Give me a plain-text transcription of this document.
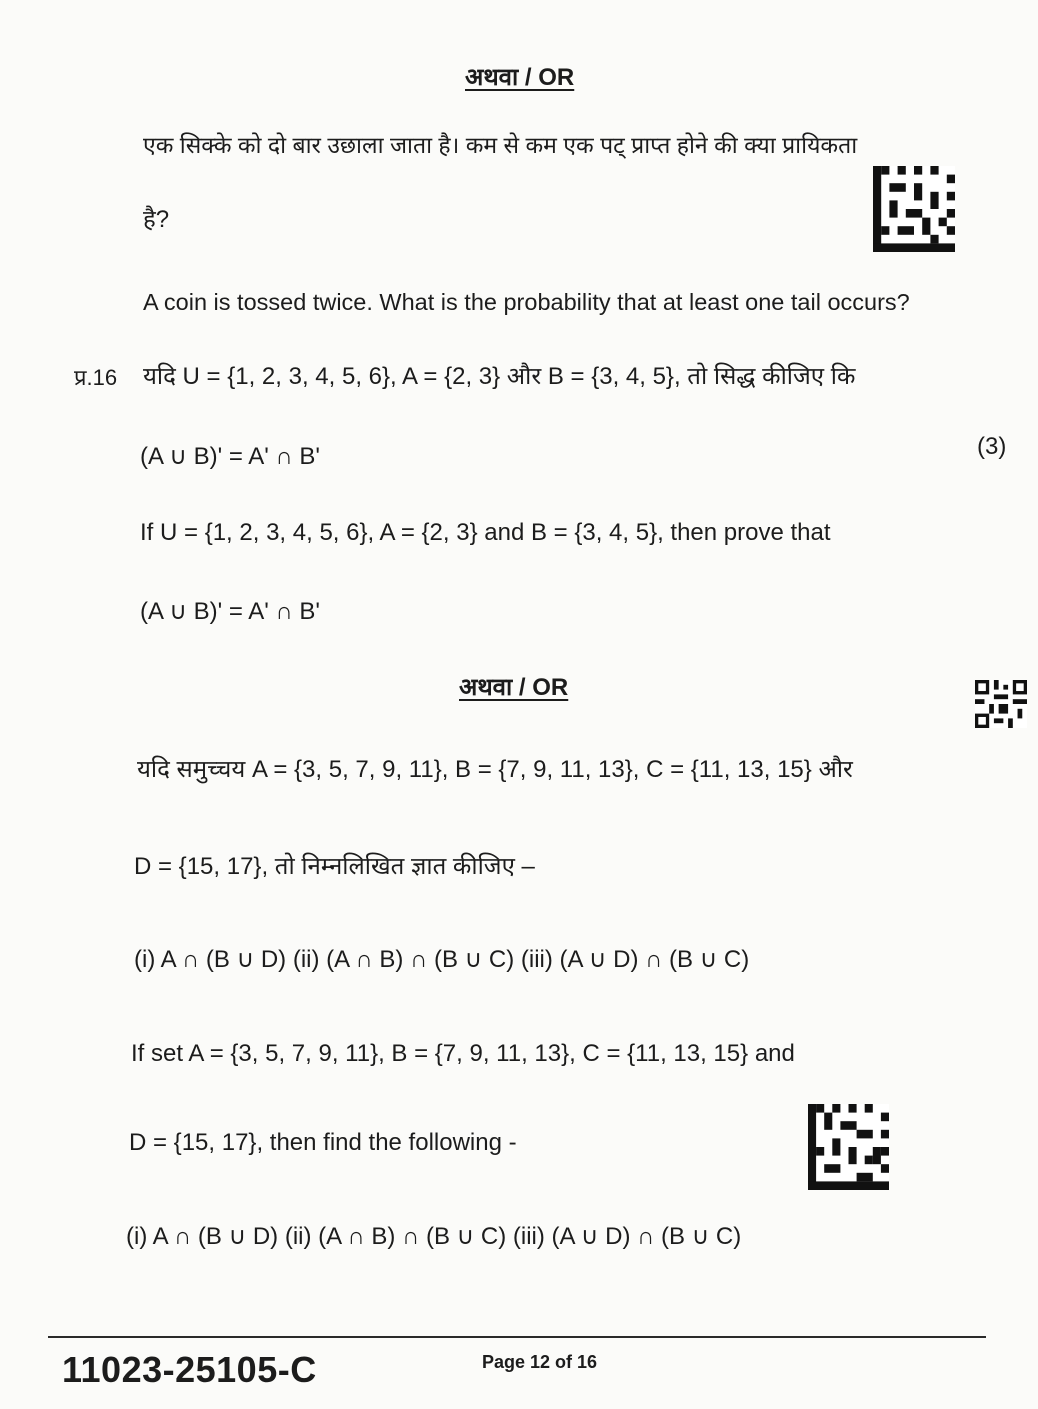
अथवा / OR
एक सिक्के को दो बार उछाला जाता है। कम से कम एक पट् प्राप्त होने की क्या प्रायिकता
है?
A coin is tossed twice. What is the probability that at least one tail occurs?
प्र.16 यदि U = {1, 2, 3, 4, 5, 6}, A = {2, 3} और B = {3, 4, 5}, तो सिद्ध कीजिए कि
(A ∪ B)' = A' ∩ B'	(3)
If U = {1, 2, 3, 4, 5, 6}, A = {2, 3} and B = {3, 4, 5}, then prove that
(A ∪ B)' = A' ∩ B'
अथवा / OR
यदि समुच्चय A = {3, 5, 7, 9, 11}, B = {7, 9, 11, 13}, C = {11, 13, 15} और
D = {15, 17}, तो निम्नलिखित ज्ञात कीजिए –
(i) A ∩ (B ∪ D) (ii) (A ∩ B) ∩ (B ∪ C) (iii) (A ∪ D) ∩ (B ∪ C)
If set A = {3, 5, 7, 9, 11}, B = {7, 9, 11, 13}, C = {11, 13, 15} and
D = {15, 17}, then find the following -
(i) A ∩ (B ∪ D) (ii) (A ∩ B) ∩ (B ∪ C) (iii) (A ∪ D) ∩ (B ∪ C)
11023-25105-C	Page 12 of 16
